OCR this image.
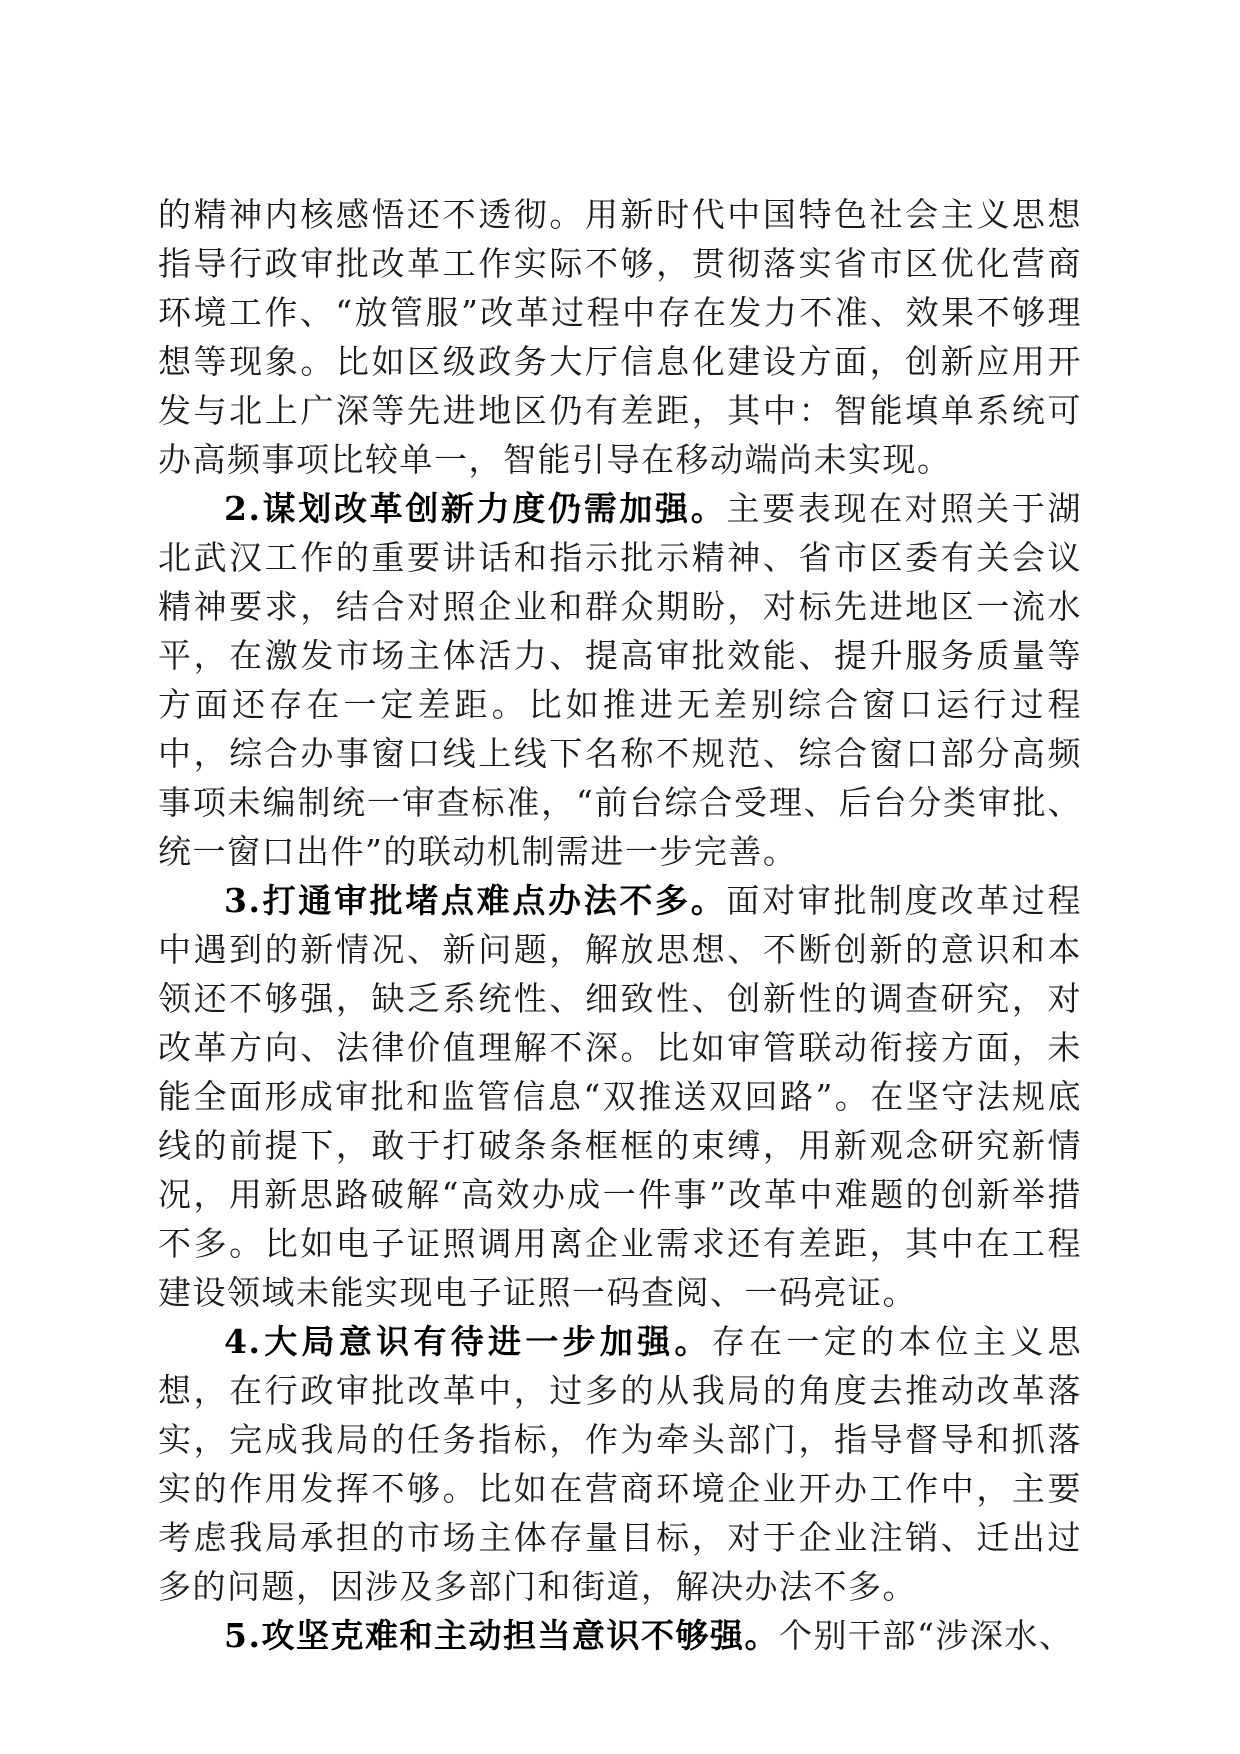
的精神内核感悟还不透彻。用新时代中国特色社会主义思想指导行政审批改革工作实际不够，贯彻落实省市区优化营商环境工作、“放管服”改革过程中存在发力不准、效果不够理想等现象。比如区级政务大厅信息化建设方面，创新应用开发与北上广深等先进地区仍有差距，其中：智能填单系统可办高频事项比较单一，智能引导在移动端尚未实现。

2.谋划改革创新力度仍需加强。主要表现在对照关于湖北武汉工作的重要讲话和指示批示精神、省市区委有关会议精神要求，结合对照企业和群众期盼，对标先进地区一流水平，在激发市场主体活力、提高审批效能、提升服务质量等方面还存在一定差距。比如推进无差别综合窗口运行过程中，综合办事窗口线上线下名称不规范、综合窗口部分高频事项未编制统一审查标准，“前台综合受理、后台分类审批、统一窗口出件”的联动机制需进一步完善。

3.打通审批堵点难点办法不多。面对审批制度改革过程中遇到的新情况、新问题，解放思想、不断创新的意识和本领还不够强，缺乏系统性、细致性、创新性的调查研究，对改革方向、法律价值理解不深。比如审管联动衔接方面，未能全面形成审批和监管信息“双推送双回路”。在坚守法规底线的前提下，敢于打破条条框框的束缚，用新观念研究新情况，用新思路破解“高效办成一件事”改革中难题的创新举措不多。比如电子证照调用离企业需求还有差距，其中在工程建设领域未能实现电子证照一码查阅、一码亮证。

4.大局意识有待进一步加强。存在一定的本位主义思想，在行政审批改革中，过多的从我局的角度去推动改革落实，完成我局的任务指标，作为牵头部门，指导督导和抓落实的作用发挥不够。比如在营商环境企业开办工作中，主要考虑我局承担的市场主体存量目标，对于企业注销、迁出过多的问题，因涉及多部门和街道，解决办法不多。

5.攻坚克难和主动担当意识不够强。个别干部“涉深水、
